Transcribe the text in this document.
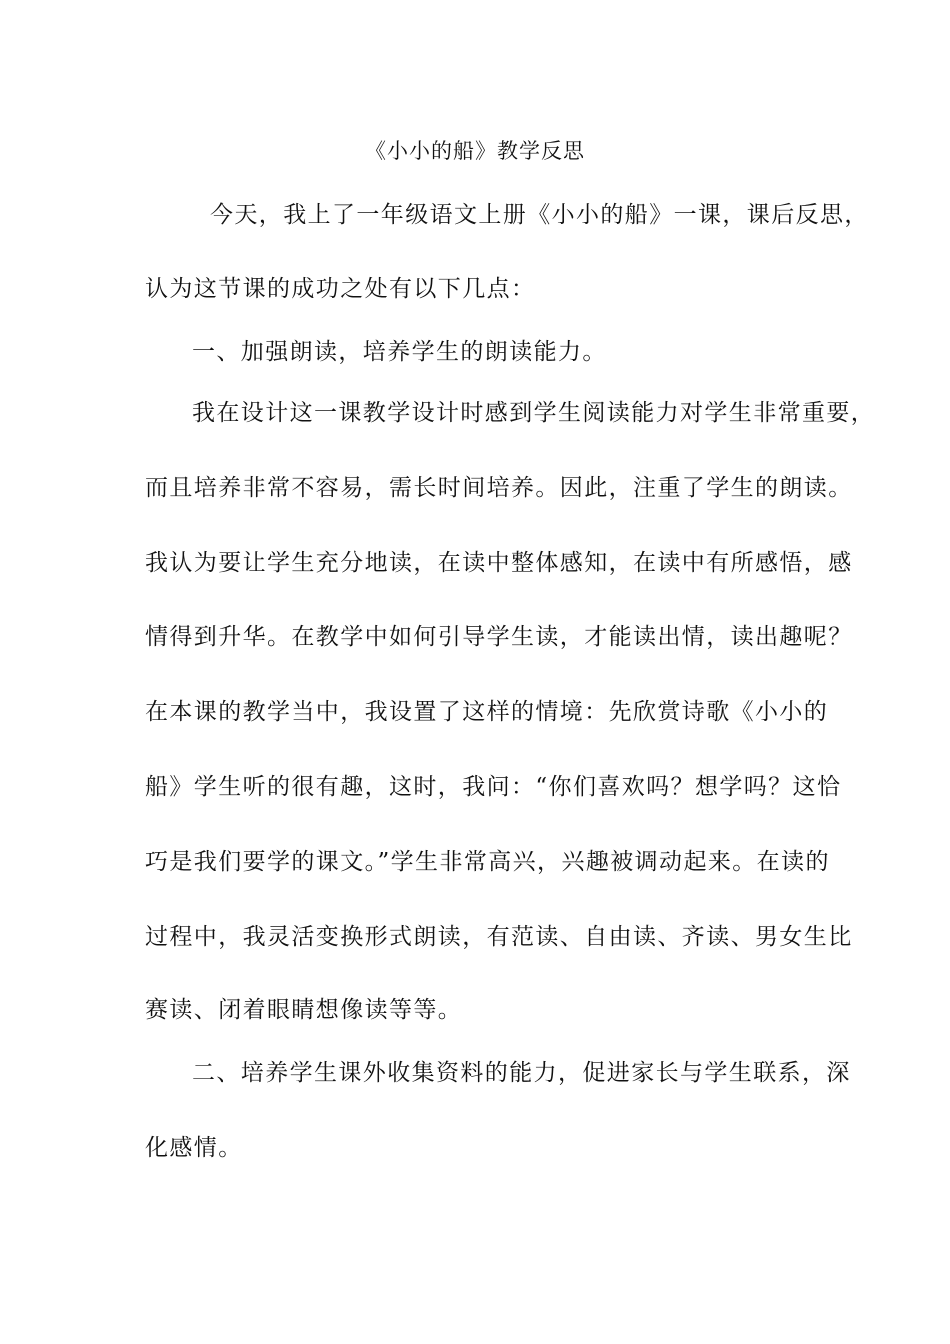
《小小的船》教学反思
今天，我上了一年级语文上册《小小的船》一课，课后反思，
认为这节课的成功之处有以下几点：
一、加强朗读，培养学生的朗读能力。
我在设计这一课教学设计时感到学生阅读能力对学生非常重要，
而且培养非常不容易，需长时间培养。因此，注重了学生的朗读。
我认为要让学生充分地读，在读中整体感知，在读中有所感悟，感
情得到升华。在教学中如何引导学生读，才能读出情，读出趣呢？
在本课的教学当中，我设置了这样的情境：先欣赏诗歌《小小的
船》学生听的很有趣，这时，我问：“你们喜欢吗？想学吗？这恰
巧是我们要学的课文。”学生非常高兴，兴趣被调动起来。在读的
过程中，我灵活变换形式朗读，有范读、自由读、齐读、男女生比
赛读、闭着眼睛想像读等等。
二、培养学生课外收集资料的能力，促进家长与学生联系，深
化感情。
